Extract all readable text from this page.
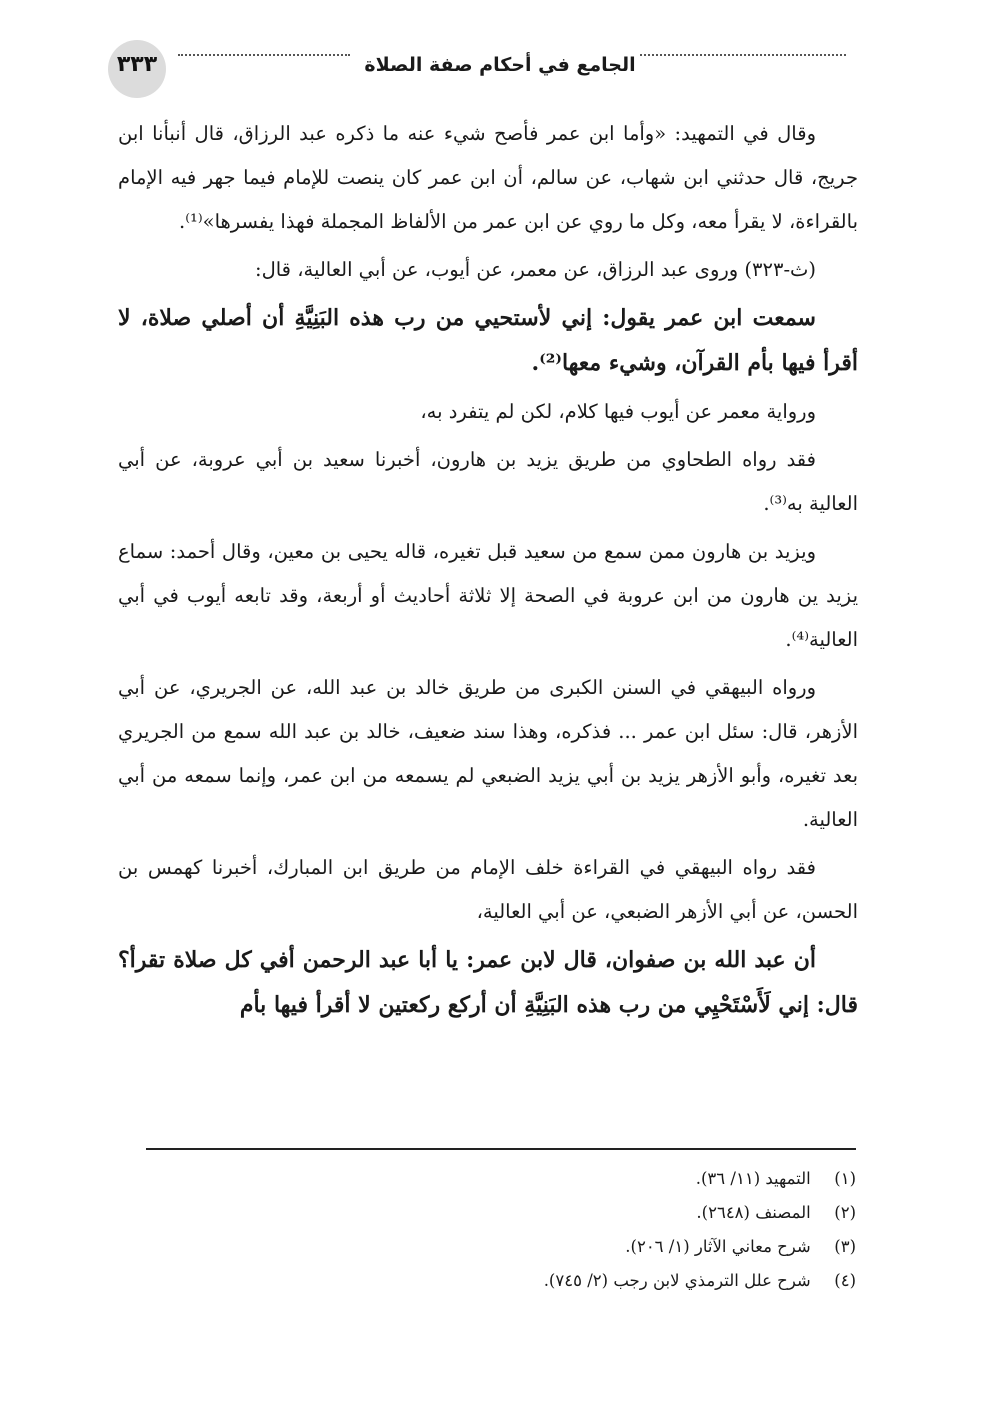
٣٣٣	الجامع في أحكام صفة الصلاة

وقال في التمهيد: «وأما ابن عمر فأصح شيء عنه ما ذكره عبد الرزاق، قال أنبأنا ابن جريج، قال حدثني ابن شهاب، عن سالم، أن ابن عمر كان ينصت للإمام فيما جهر فيه الإمام بالقراءة، لا يقرأ معه، وكل ما روي عن ابن عمر من الألفاظ المجملة فهذا يفسرها»⁽¹⁾.

(ث-٣٢٣) وروى عبد الرزاق، عن معمر، عن أيوب، عن أبي العالية، قال:

سمعت ابن عمر يقول: إني لأستحيي من رب هذه البَنِيَّةِ أن أصلي صلاة، لا أقرأ فيها بأم القرآن، وشيء معها⁽²⁾.

ورواية معمر عن أيوب فيها كلام، لكن لم يتفرد به،

فقد رواه الطحاوي من طريق يزيد بن هارون، أخبرنا سعيد بن أبي عروبة، عن أبي العالية به⁽³⁾.

ويزيد بن هارون ممن سمع من سعيد قبل تغيره، قاله يحيى بن معين، وقال أحمد: سماع يزيد ين هارون من ابن عروبة في الصحة إلا ثلاثة أحاديث أو أربعة، وقد تابعه أيوب في أبي العالية⁽⁴⁾.

ورواه البيهقي في السنن الكبرى من طريق خالد بن عبد الله، عن الجريري، عن أبي الأزهر، قال: سئل ابن عمر ... فذكره، وهذا سند ضعيف، خالد بن عبد الله سمع من الجريري بعد تغيره، وأبو الأزهر يزيد بن أبي يزيد الضبعي لم يسمعه من ابن عمر، وإنما سمعه من أبي العالية.

فقد رواه البيهقي في القراءة خلف الإمام من طريق ابن المبارك، أخبرنا كهمس بن الحسن، عن أبي الأزهر الضبعي، عن أبي العالية،

أن عبد الله بن صفوان، قال لابن عمر: يا أبا عبد الرحمن أفي كل صلاة تقرأ؟ قال: إني لَأَسْتَحْيِي من رب هذه البَنِيَّةِ أن أركع ركعتين لا أقرأ فيها بأم

(١) التمهيد (١١/ ٣٦).
(٢) المصنف (٢٦٤٨).
(٣) شرح معاني الآثار (١/ ٢٠٦).
(٤) شرح علل الترمذي لابن رجب (٢/ ٧٤٥).
